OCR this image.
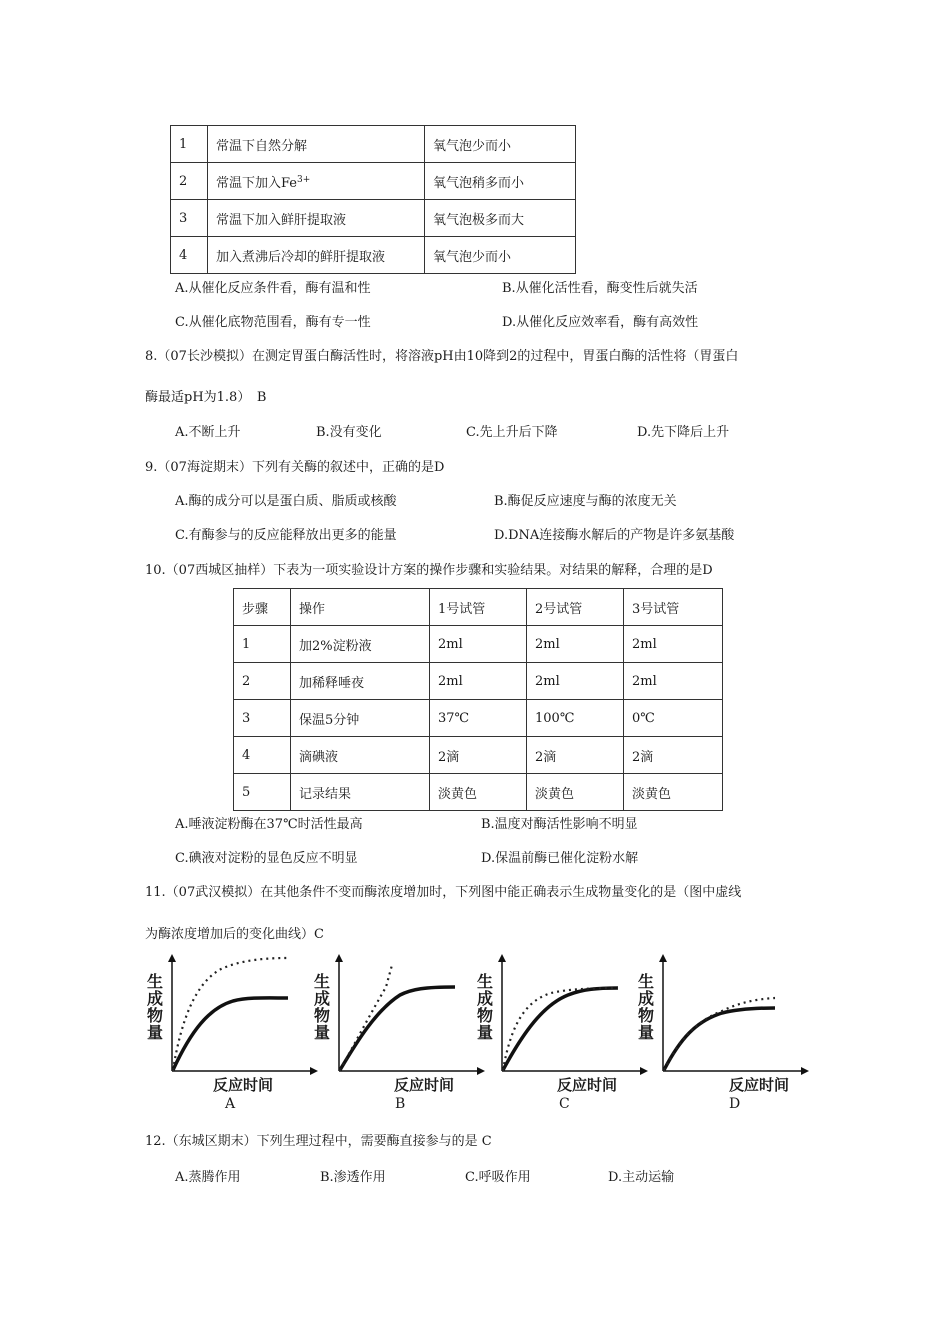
1	常温下自然分解	氧气泡少而小
2	常温下加入$Fe^{3+}$	氧气泡稍多而小
3	常温下加入鲜肝提取液	氧气泡极多而大
4	加入煮沸后冷却的鲜肝提取液	氧气泡少而小
A.从催化反应条件看，酶有温和性	B.从催化活性看，酶变性后就失活
C.从催化底物范围看，酶有专一性	D.从催化反应效率看，酶有高效性
8.（07长沙模拟）在测定胃蛋白酶活性时，将溶液pH由10降到2的过程中，胃蛋白酶的活性将（胃蛋白
酶最适pH为1.8）　B
A.不断上升	B.没有变化	C.先上升后下降	D.先下降后上升
9.（07海淀期末）下列有关酶的叙述中，正确的是D
A.酶的成分可以是蛋白质、脂质或核酸	B.酶促反应速度与酶的浓度无关
C.有酶参与的反应能释放出更多的能量	D.DNA连接酶水解后的产物是许多氨基酸
10.（07西城区抽样）下表为一项实验设计方案的操作步骤和实验结果。对结果的解释，合理的是D
步骤	操作	1号试管	2号试管	3号试管
1	加2%淀粉液	2ml	2ml	2ml
2	加稀释唾夜	2ml	2ml	2ml
3	保温5分钟	37℃	100℃	0℃
4	滴碘液	2滴	2滴	2滴
5	记录结果	淡黄色	淡黄色	淡黄色
A.唾液淀粉酶在37℃时活性最高	B.温度对酶活性影响不明显
C.碘液对淀粉的显色反应不明显	D.保温前酶已催化淀粉水解
11.（07武汉模拟）在其他条件不变而酶浓度增加时，下列图中能正确表示生成物量变化的是（图中虚线
为酶浓度增加后的变化曲线）C
生成物量
反应时间
A
生成物量
反应时间
B
生成物量
反应时间
C
生成物量
反应时间
D
12.（东城区期末）下列生理过程中，需要酶直接参与的是 C
A.蒸腾作用	B.渗透作用	C.呼吸作用	D.主动运输
